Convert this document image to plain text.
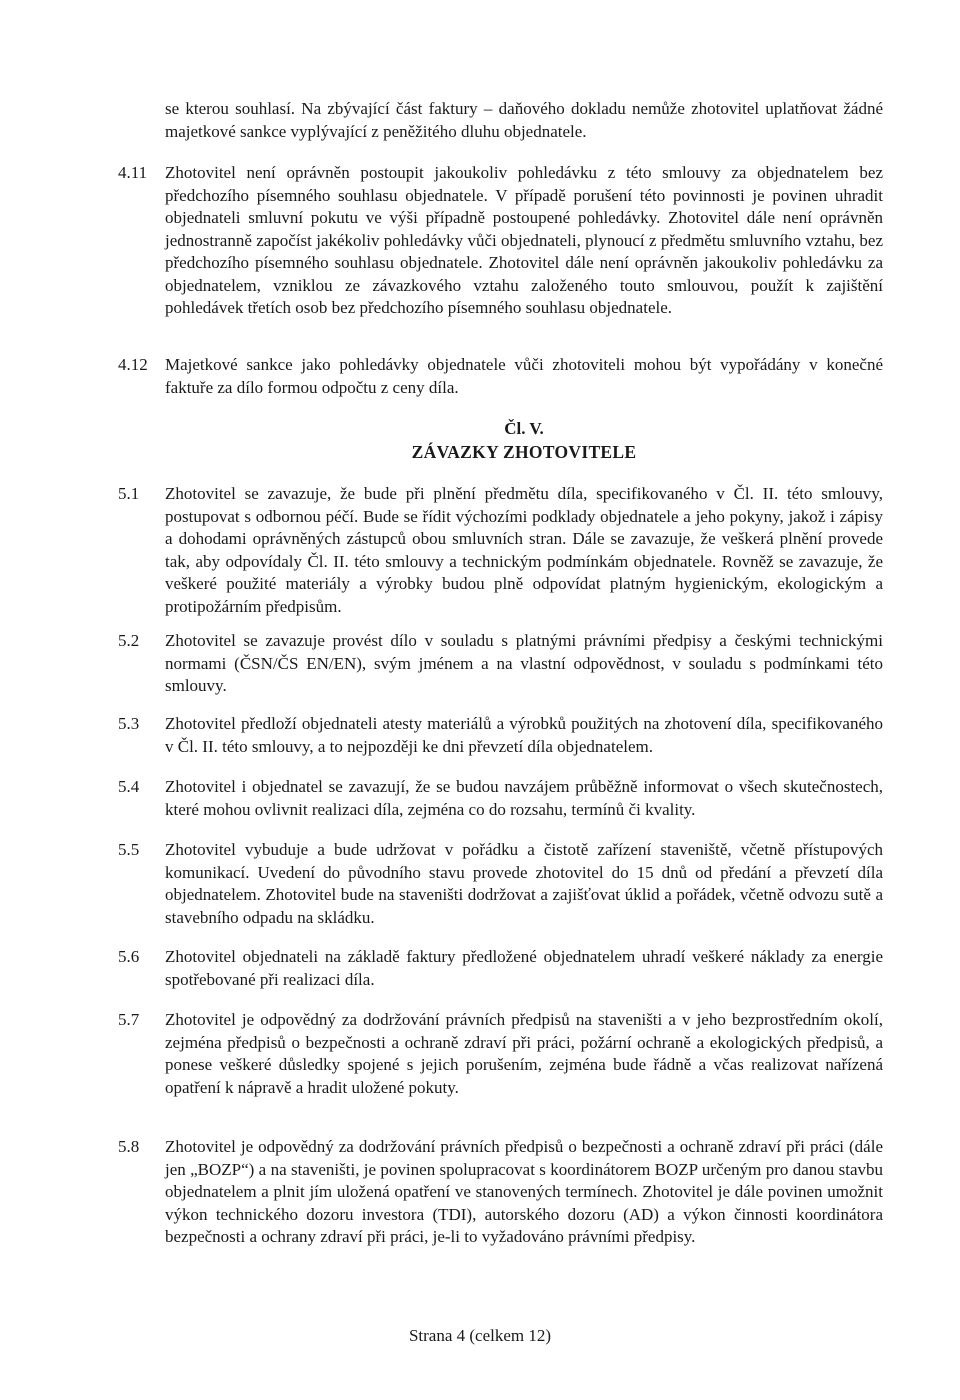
se kterou souhlasí. Na zbývající část faktury – daňového dokladu nemůže zhotovitel uplatňovat žádné majetkové sankce vyplývající z peněžitého dluhu objednatele.

4.11	Zhotovitel není oprávněn postoupit jakoukoliv pohledávku z této smlouvy za objednatelem bez předchozího písemného souhlasu objednatele. V případě porušení této povinnosti je povinen uhradit objednateli smluvní pokutu ve výši případně postoupené pohledávky. Zhotovitel dále není oprávněn jednostranně započíst jakékoliv pohledávky vůči objednateli, plynoucí z předmětu smluvního vztahu, bez předchozího písemného souhlasu objednatele. Zhotovitel dále není oprávněn jakoukoliv pohledávku za objednatelem, vzniklou ze závazkového vztahu založeného touto smlouvou, použít k zajištění pohledávek třetích osob bez předchozího písemného souhlasu objednatele.

4.12	Majetkové sankce jako pohledávky objednatele vůči zhotoviteli mohou být vypořádány v konečné faktuře za dílo formou odpočtu z ceny díla.

Čl. V.

ZÁVAZKY ZHOTOVITELE

5.1	Zhotovitel se zavazuje, že bude při plnění předmětu díla, specifikovaného v Čl. II. této smlouvy, postupovat s odbornou péčí. Bude se řídit výchozími podklady objednatele a jeho pokyny, jakož i zápisy a dohodami oprávněných zástupců obou smluvních stran. Dále se zavazuje, že veškerá plnění provede tak, aby odpovídaly Čl. II. této smlouvy a technickým podmínkám objednatele. Rovněž se zavazuje, že veškeré použité materiály a výrobky budou plně odpovídat platným hygienickým, ekologickým a protipožárním předpisům.

5.2	Zhotovitel se zavazuje provést dílo v souladu s platnými právními předpisy a českými technickými normami (ČSN/ČS EN/EN), svým jménem a na vlastní odpovědnost, v souladu s podmínkami této smlouvy.

5.3	Zhotovitel předloží objednateli atesty materiálů a výrobků použitých na zhotovení díla, specifikovaného v Čl. II. této smlouvy, a to nejpozději ke dni převzetí díla objednatelem.

5.4	Zhotovitel i objednatel se zavazují, že se budou navzájem průběžně informovat o všech skutečnostech, které mohou ovlivnit realizaci díla, zejména co do rozsahu, termínů či kvality.

5.5	Zhotovitel vybuduje a bude udržovat v pořádku a čistotě zařízení staveniště, včetně přístupových komunikací. Uvedení do původního stavu provede zhotovitel do 15 dnů od předání a převzetí díla objednatelem. Zhotovitel bude na staveništi dodržovat a zajišťovat úklid a pořádek, včetně odvozu sutě a stavebního odpadu na skládku.

5.6	Zhotovitel objednateli na základě faktury předložené objednatelem uhradí veškeré náklady za energie spotřebované při realizaci díla.

5.7	Zhotovitel je odpovědný za dodržování právních předpisů na staveništi a v jeho bezprostředním okolí, zejména předpisů o bezpečnosti a ochraně zdraví při práci, požární ochraně a ekologických předpisů, a ponese veškeré důsledky spojené s jejich porušením, zejména bude řádně a včas realizovat nařízená opatření k nápravě a hradit uložené pokuty.

5.8	Zhotovitel je odpovědný za dodržování právních předpisů o bezpečnosti a ochraně zdraví při práci (dále jen „BOZP“) a na staveništi, je povinen spolupracovat s koordinátorem BOZP určeným pro danou stavbu objednatelem a plnit jím uložená opatření ve stanovených termínech. Zhotovitel je dále povinen umožnit výkon technického dozoru investora (TDI), autorského dozoru (AD) a výkon činnosti koordinátora bezpečnosti a ochrany zdraví při práci, je-li to vyžadováno právními předpisy.

Strana 4 (celkem 12)
